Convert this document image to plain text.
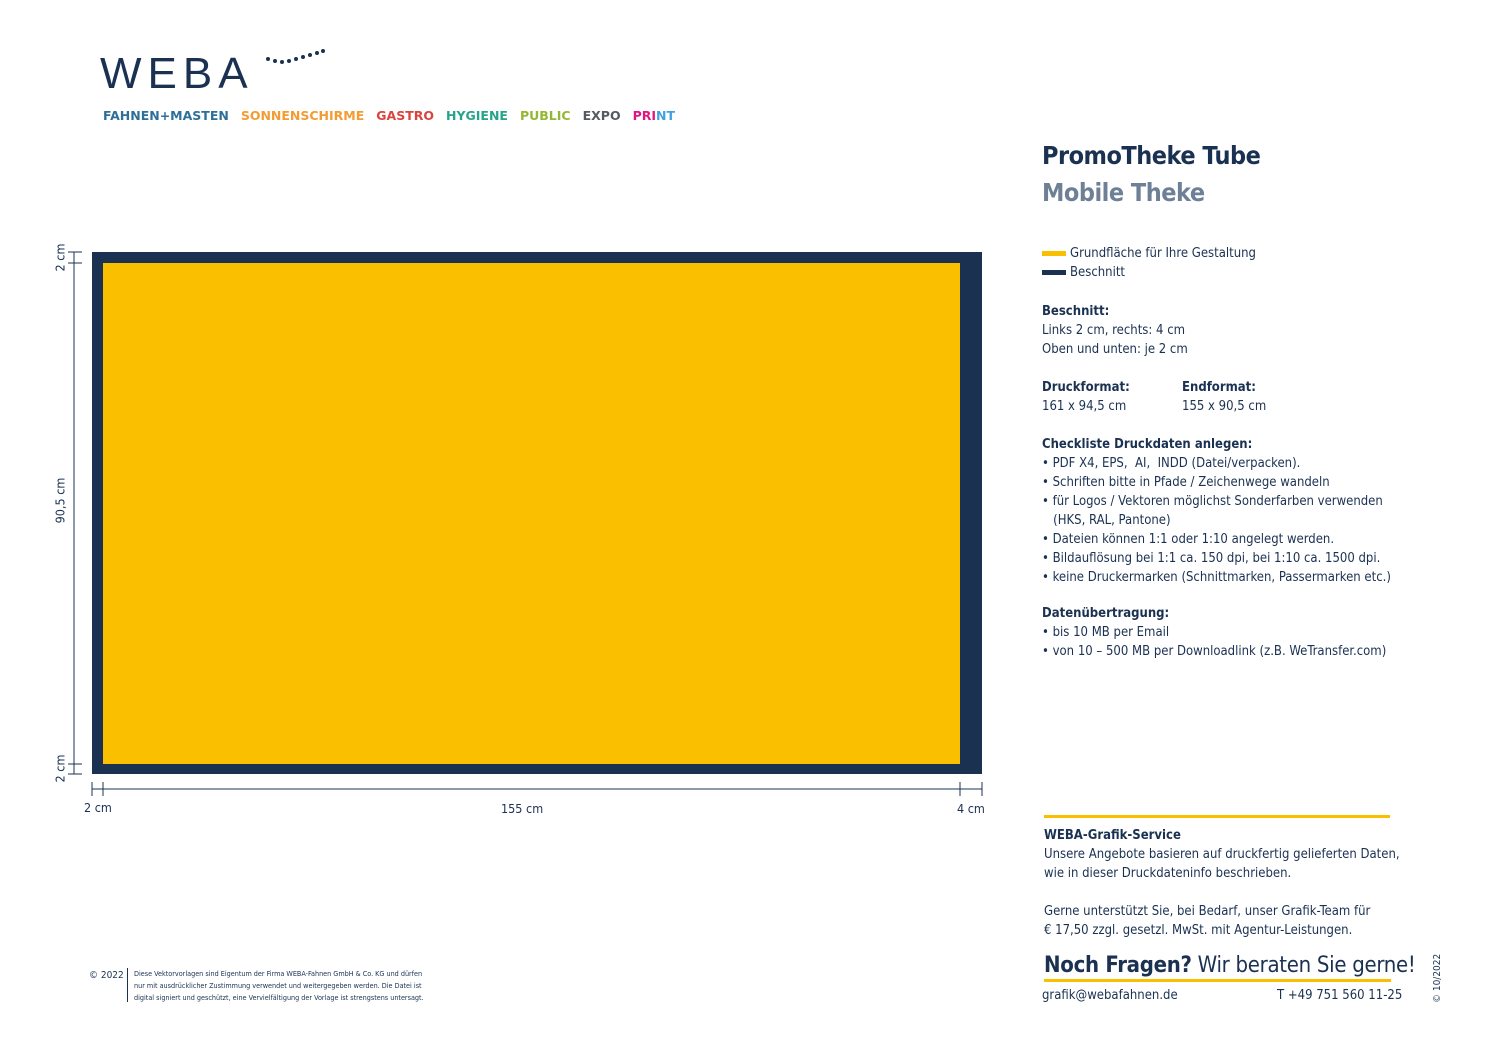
WEBA
FAHNEN+MASTEN SONNENSCHIRME GASTRO HYGIENE PUBLIC EXPO PRINT
2 cm
90,5 cm
2 cm
2 cm	155 cm	4 cm
PromoTheke Tube
Mobile Theke
Grundfläche für Ihre Gestaltung
Beschnitt
Beschnitt:
Links 2 cm, rechts: 4 cm
Oben und unten: je 2 cm
Druckformat:
161 x 94,5 cm
Endformat:
155 x 90,5 cm
Checkliste Druckdaten anlegen:
• PDF X4, EPS,  AI,  INDD (Datei/verpacken).
• Schriften bitte in Pfade / Zeichenwege wandeln
• für Logos / Vektoren möglichst Sonderfarben verwenden
(HKS, RAL, Pantone)
• Dateien können 1:1 oder 1:10 angelegt werden.
• Bildauflösung bei 1:1 ca. 150 dpi, bei 1:10 ca. 1500 dpi.
• keine Druckermarken (Schnittmarken, Passermarken etc.)
Datenübertragung:
• bis 10 MB per Email
• von 10 – 500 MB per Downloadlink (z.B. WeTransfer.com)
WEBA-Grafik-Service
Unsere Angebote basieren auf druckfertig gelieferten Daten,
wie in dieser Druckdateninfo beschrieben.
Gerne unterstützt Sie, bei Bedarf, unser Grafik-Team für
€ 17,50 zzgl. gesetzl. MwSt. mit Agentur-Leistungen.
Noch Fragen? Wir beraten Sie gerne!
grafik@webafahnen.de	T +49 751 560 11-25
© 2022 Diese Vektorvorlagen sind Eigentum der Firma WEBA-Fahnen GmbH & Co. KG und dürfen
nur mit ausdrücklicher Zustimmung verwendet und weitergegeben werden. Die Datei ist
digital signiert und geschützt, eine Vervielfältigung der Vorlage ist strengstens untersagt.	© 10/2022
